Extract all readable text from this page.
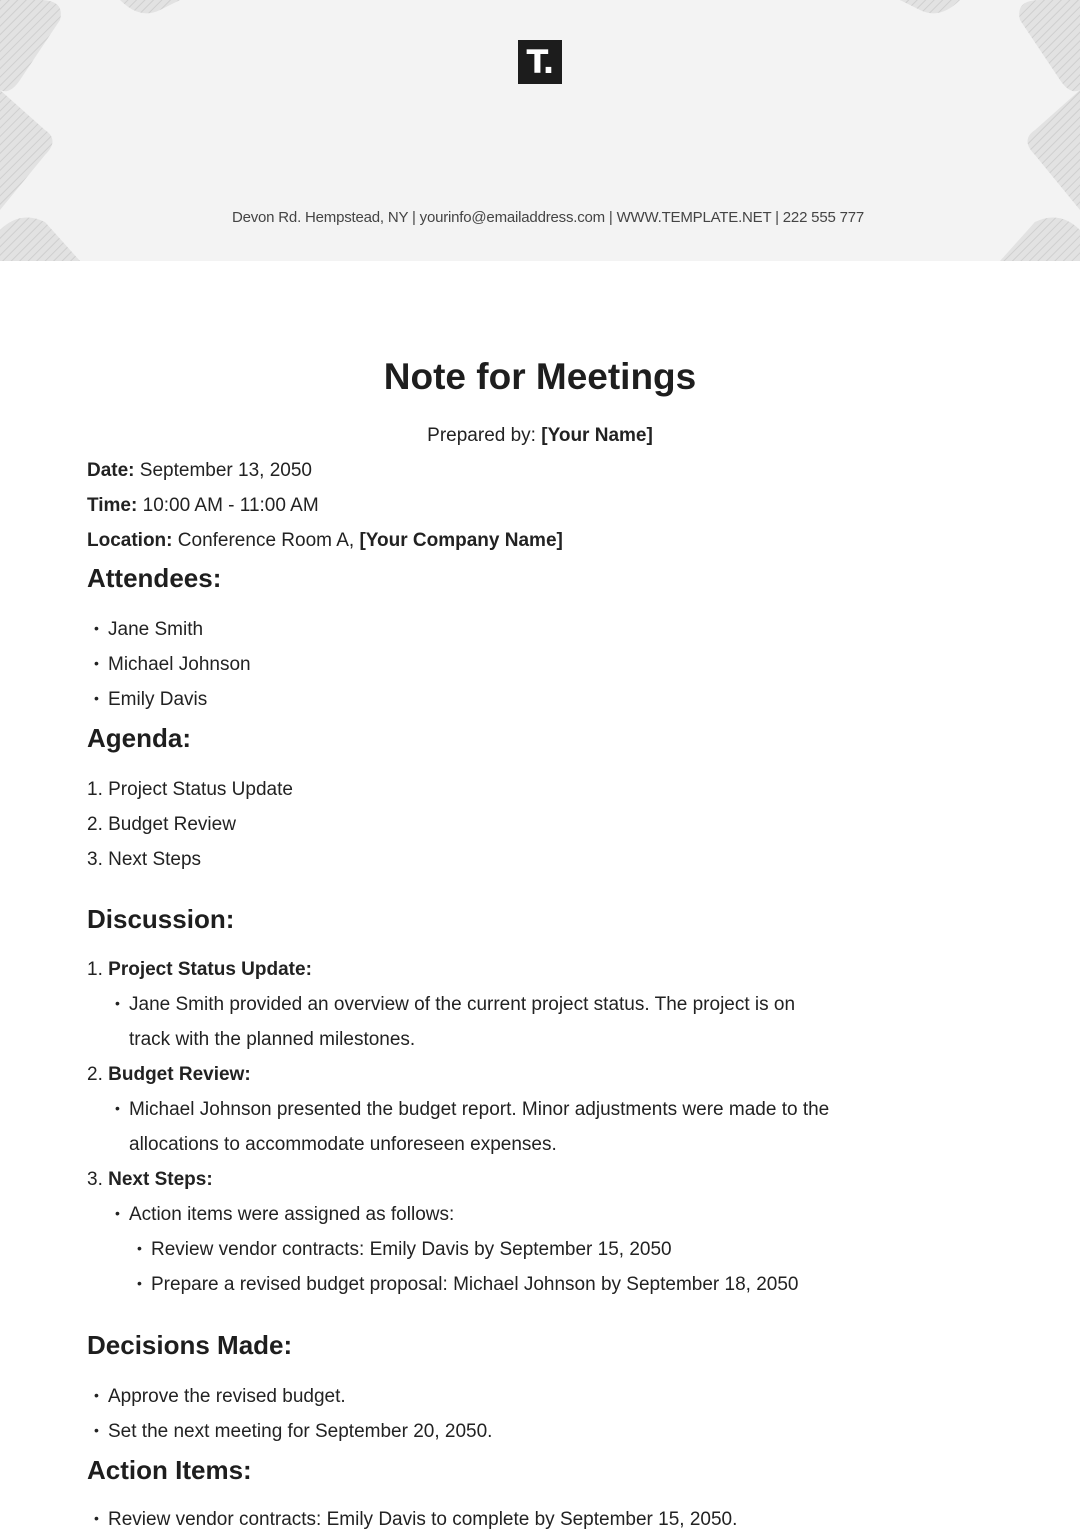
T.
Devon Rd. Hempstead, NY | yourinfo@emailaddress.com | WWW.TEMPLATE.NET | 222 555 777
Note for Meetings
Prepared by: [Your Name]
Date: September 13, 2050
Time: 10:00 AM - 11:00 AM
Location: Conference Room A, [Your Company Name]
Attendees:
• Jane Smith
• Michael Johnson
• Emily Davis
Agenda:
1. Project Status Update
2. Budget Review
3. Next Steps
Discussion:
1. Project Status Update:
• Jane Smith provided an overview of the current project status. The project is on
track with the planned milestones.
2. Budget Review:
• Michael Johnson presented the budget report. Minor adjustments were made to the
allocations to accommodate unforeseen expenses.
3. Next Steps:
• Action items were assigned as follows:
• Review vendor contracts: Emily Davis by September 15, 2050
• Prepare a revised budget proposal: Michael Johnson by September 18, 2050
Decisions Made:
• Approve the revised budget.
• Set the next meeting for September 20, 2050.
Action Items:
• Review vendor contracts: Emily Davis to complete by September 15, 2050.
